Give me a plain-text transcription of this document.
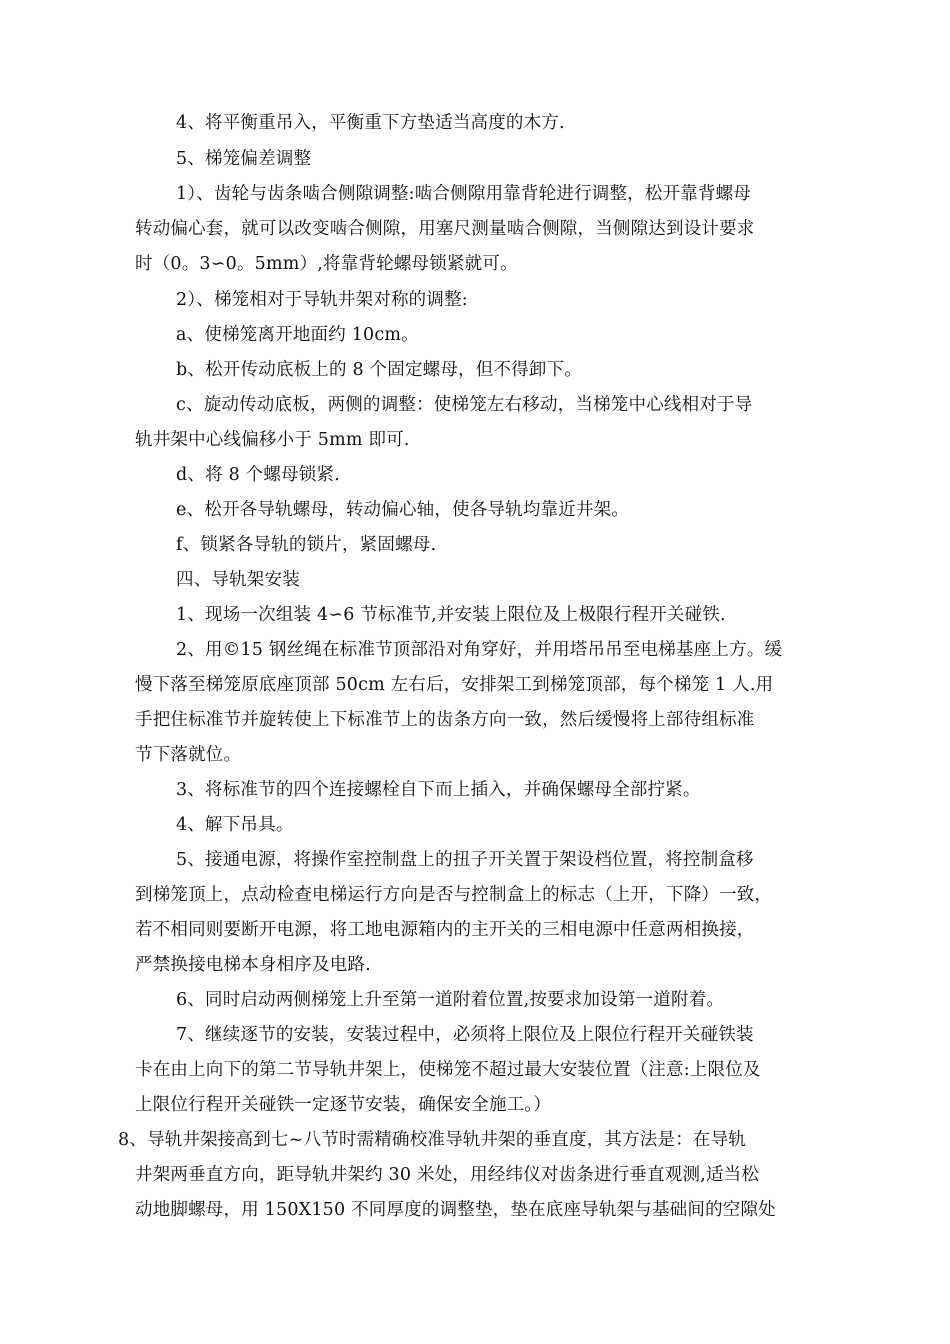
4、将平衡重吊入，平衡重下方垫适当高度的木方.
5、梯笼偏差调整
1）、齿轮与齿条啮合侧隙调整:啮合侧隙用靠背轮进行调整，松开靠背螺母
转动偏心套，就可以改变啮合侧隙，用塞尺测量啮合侧隙，当侧隙达到设计要求
时（0。3∽0。5mm）,将靠背轮螺母锁紧就可。
2）、梯笼相对于导轨井架对称的调整:
a、使梯笼离开地面约 10cm。
b、松开传动底板上的 8 个固定螺母，但不得卸下。
c、旋动传动底板，两侧的调整：使梯笼左右移动，当梯笼中心线相对于导
轨井架中心线偏移小于 5mm 即可.
d、将 8 个螺母锁紧.
e、松开各导轨螺母，转动偏心轴，使各导轨均靠近井架。
f、锁紧各导轨的锁片，紧固螺母.
四、导轨架安装
1、现场一次组装 4∽6 节标准节,并安装上限位及上极限行程开关碰铁.
2、用©15 钢丝绳在标准节顶部沿对角穿好，并用塔吊吊至电梯基座上方。缓
慢下落至梯笼原底座顶部 50cm 左右后，安排架工到梯笼顶部，每个梯笼 1 人.用
手把住标准节并旋转使上下标准节上的齿条方向一致，然后缓慢将上部待组标准
节下落就位。
3、将标准节的四个连接螺栓自下而上插入，并确保螺母全部拧紧。
4、解下吊具。
5、接通电源，将操作室控制盘上的扭子开关置于架设档位置，将控制盒移
到梯笼顶上，点动检查电梯运行方向是否与控制盒上的标志（上开，下降）一致，
若不相同则要断开电源，将工地电源箱内的主开关的三相电源中任意两相换接，
严禁换接电梯本身相序及电路.
6、同时启动两侧梯笼上升至第一道附着位置,按要求加设第一道附着。
7、继续逐节的安装，安装过程中，必须将上限位及上限位行程开关碰铁装
卡在由上向下的第二节导轨井架上，使梯笼不超过最大安装位置（注意:上限位及
上限位行程开关碰铁一定逐节安装，确保安全施工。）
8、导轨井架接高到七~八节时需精确校准导轨井架的垂直度，其方法是：在导轨
井架两垂直方向，距导轨井架约 30 米处，用经纬仪对齿条进行垂直观测,适当松
动地脚螺母，用 150X150 不同厚度的调整垫，垫在底座导轨架与基础间的空隙处
